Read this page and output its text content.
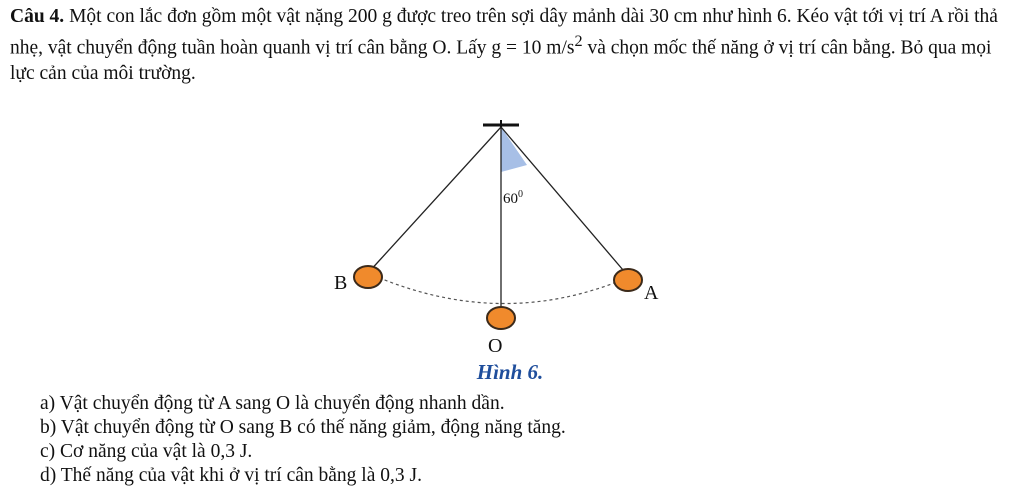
Câu 4. Một con lắc đơn gồm một vật nặng 200 g được treo trên sợi dây mảnh dài 30 cm như hình 6. Kéo vật tới vị trí A rồi thả nhẹ, vật chuyển động tuần hoàn quanh vị trí cân bằng O. Lấy g = 10 $m/s^2$ và chọn mốc thế năng ở vị trí cân bằng. Bỏ qua mọi lực cản của môi trường.

$60^0$
B	A
O
Hình 6.
a) Vật chuyển động từ A sang O là chuyển động nhanh dần.
b) Vật chuyển động từ O sang B có thế năng giảm, động năng tăng.
c) Cơ năng của vật là 0,3 J.
d) Thế năng của vật khi ở vị trí cân bằng là 0,3 J.
